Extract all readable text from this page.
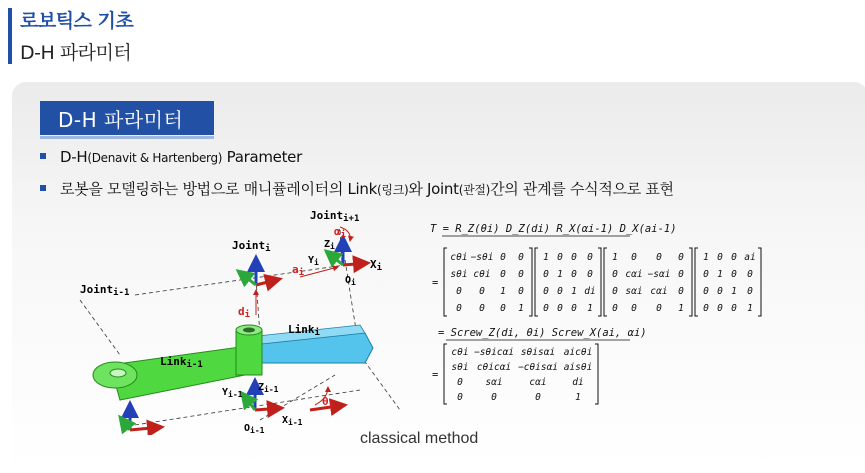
로보틱스 기초
D-H 파라미터
D-H 파라미터
D-H(Denavit & Hartenberg) Parameter
로봇을 모델링하는 방법으로 매니퓰레이터의 Link(링크)와 Joint(관절)간의 관계를 수식적으로 표현
Jointi+1
αi
Jointi	$Z_i$
$Y_i$	Xi
$O_i$
ai
di
Jointi-1
Linki
Linki-1
$Y_{i-1}$
$Z_{i-1}$
θi
$X_{i-1}$
$O_{i-1}$
T = R_Z(θi) D_Z(di) R_X(αi-1) D_X(ai-1)
=
cθi −sθi 0 0
sθi cθi 0 0
0 0 1 0
0 0 0 1
1 0 0 0
0 1 0 0
0 0 1 di
0 0 0 1
1 0 0 0
0 cαi −sαi 0
0 sαi cαi 0
0 0 0 1
1 0 0 ai
0 1 0 0
0 0 1 0
0 0 0 1
= Screw_Z(di, θi) Screw_X(ai, αi)
=
cθi −sθicαi sθisαi aicθi
sθi cθicαi −cθisαi aisθi
0 sαi	cαi	di
0	0	0	1
classical method
